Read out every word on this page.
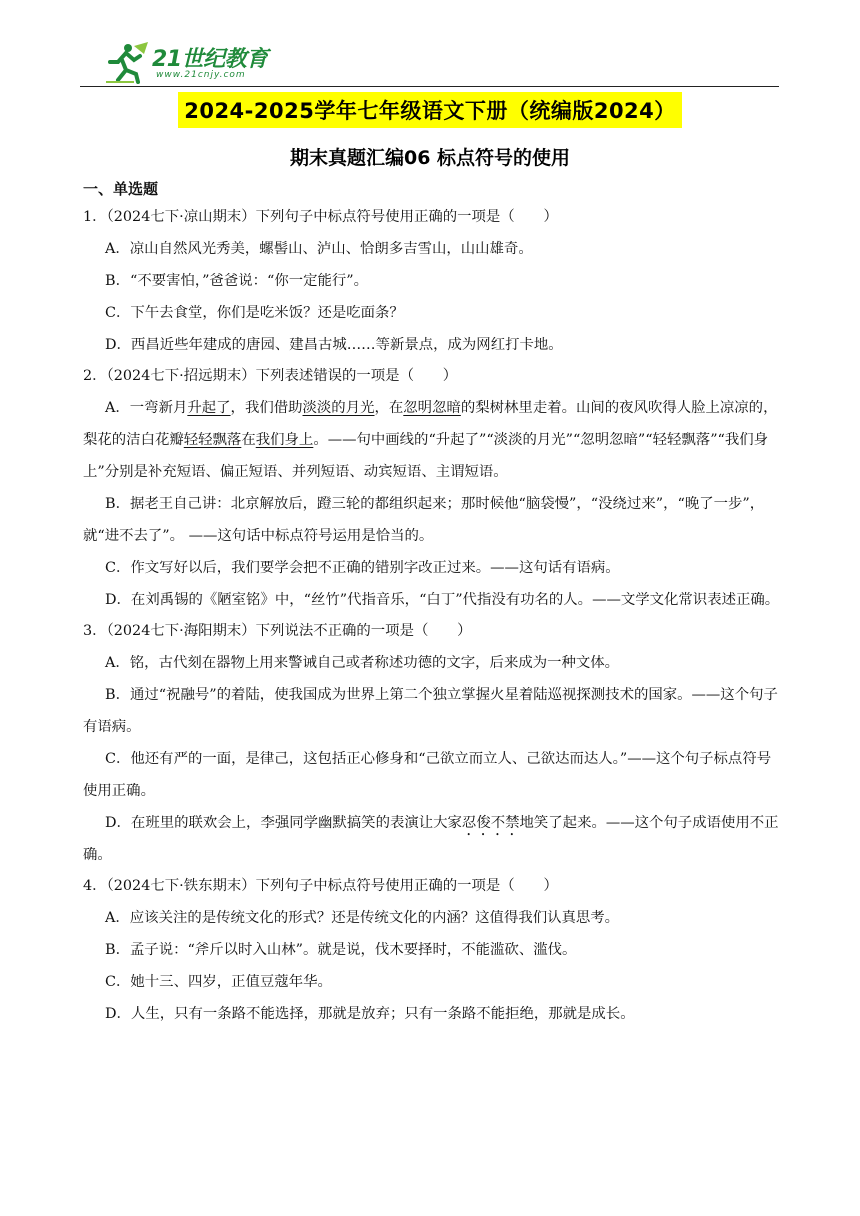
21世纪教育
www.21cnjy.com
2024-2025学年七年级语文下册（统编版2024）
期末真题汇编06 标点符号的使用
一、单选题
1．（2024七下·凉山期末）下列句子中标点符号使用正确的一项是（　　）
A．凉山自然风光秀美，螺髻山、泸山、恰朗多吉雪山，山山雄奇。
B．“不要害怕，”爸爸说：“你一定能行”。
C．下午去食堂，你们是吃米饭？还是吃面条？
D．西昌近些年建成的唐园、建昌古城……等新景点，成为网红打卡地。
2．（2024七下·招远期末）下列表述错误的一项是（　　）
A．一弯新月升起了，我们借助淡淡的月光，在忽明忽暗的梨树林里走着。山间的夜风吹得人脸上凉凉的，梨花的洁白花瓣轻轻飘落在我们身上。——句中画线的“升起了”“淡淡的月光”“忽明忽暗”“轻轻飘落”“我们身上”分别是补充短语、偏正短语、并列短语、动宾短语、主谓短语。
B．据老王自己讲：北京解放后，蹬三轮的都组织起来；那时候他“脑袋慢”，“没绕过来”，“晚了一步”，就“进不去了”。 ——这句话中标点符号运用是恰当的。
C．作文写好以后，我们要学会把不正确的错别字改正过来。——这句话有语病。
D．在刘禹锡的《陋室铭》中，“丝竹”代指音乐，“白丁”代指没有功名的人。——文学文化常识表述正确。
3．（2024七下·海阳期末）下列说法不正确的一项是（　　）
A．铭，古代刻在器物上用来警诫自己或者称述功德的文字，后来成为一种文体。
B．通过“祝融号”的着陆，使我国成为世界上第二个独立掌握火星着陆巡视探测技术的国家。——这个句子有语病。
C．他还有严的一面，是律己，这包括正心修身和“己欲立而立人、己欲达而达人。”——这个句子标点符号使用正确。
D．在班里的联欢会上，李强同学幽默搞笑的表演让大家忍俊不禁地笑了起来。——这个句子成语使用不正确。
4．（2024七下·铁东期末）下列句子中标点符号使用正确的一项是（　　）
A．应该关注的是传统文化的形式？还是传统文化的内涵？这值得我们认真思考。
B．孟子说：“斧斤以时入山林”。就是说，伐木要择时，不能滥砍、滥伐。
C．她十三、四岁，正值豆蔻年华。
D．人生，只有一条路不能选择，那就是放弃；只有一条路不能拒绝，那就是成长。
